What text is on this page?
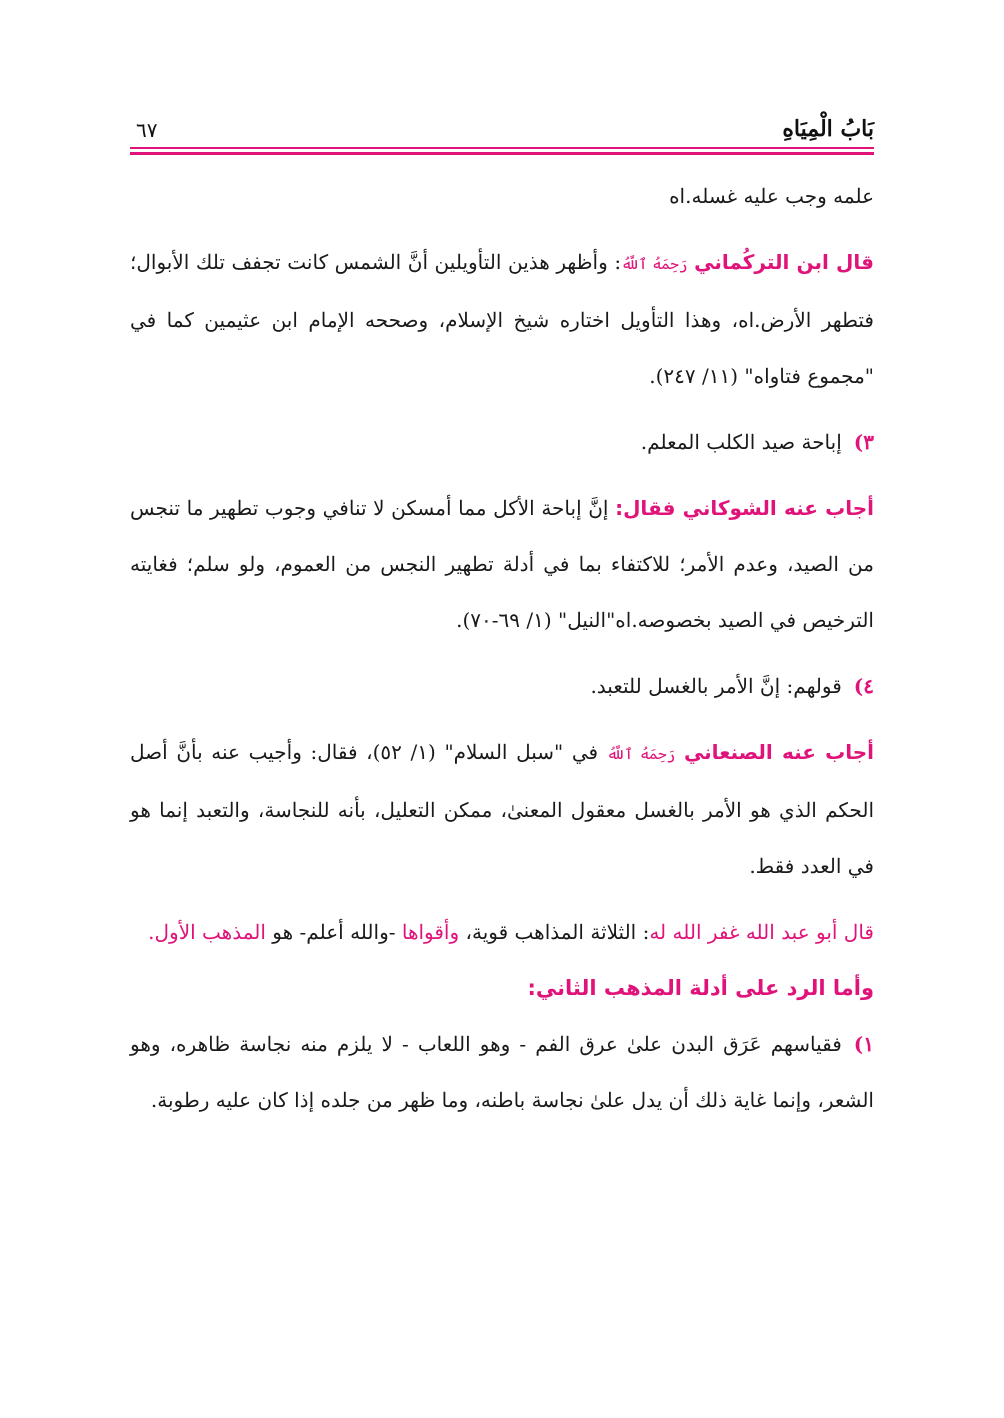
بَابُ الْمِيَاهِ
٦٧

علمه وجب عليه غسله.اه

قال ابن التركُماني رَحِمَهُ ٱللَّهُ: وأظهر هذين التأويلين أنَّ الشمس كانت تجفف تلك الأبوال؛ فتطهر الأرض.اه، وهذا التأويل اختاره شيخ الإسلام، وصححه الإمام ابن عثيمين كما في "مجموع فتاواه" (١١/ ٢٤٧).

٣)إباحة صيد الكلب المعلم.

أجاب عنه الشوكاني فقال: إنَّ إباحة الأكل مما أمسكن لا تنافي وجوب تطهير ما تنجس من الصيد، وعدم الأمر؛ للاكتفاء بما في أدلة تطهير النجس من العموم، ولو سلم؛ فغايته الترخيص في الصيد بخصوصه.اه"النيل" (١/ ٦٩-٧٠).

٤)قولهم: إنَّ الأمر بالغسل للتعبد.

أجاب عنه الصنعاني رَحِمَهُ ٱللَّهُ في "سبل السلام" (١/ ٥٢)، فقال: وأجيب عنه بأنَّ أصل الحكم الذي هو الأمر بالغسل معقول المعنىٰ، ممكن التعليل، بأنه للنجاسة، والتعبد إنما هو في العدد فقط.

قال أبو عبد الله غفر الله له: الثلاثة المذاهب قوية، وأقواها -والله أعلم- هو المذهب الأول.

وأما الرد على أدلة المذهب الثاني:

١)فقياسهم عَرَق البدن علىٰ عرق الفم - وهو اللعاب - لا يلزم منه نجاسة ظاهره، وهو الشعر، وإنما غاية ذلك أن يدل علىٰ نجاسة باطنه، وما ظهر من جلده إذا كان عليه رطوبة.
